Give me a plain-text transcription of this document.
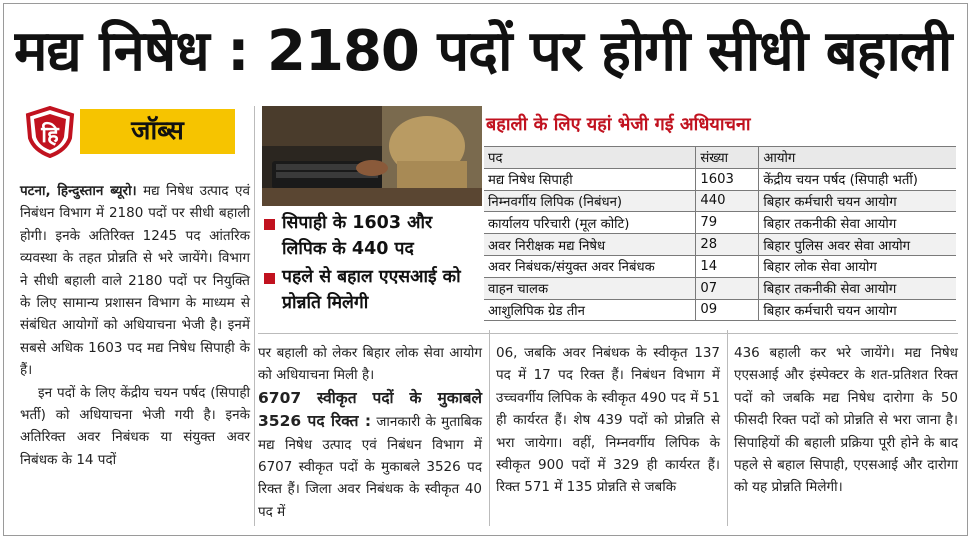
मद्य निषेध : 2180 पदों पर होगी सीधी बहाली
हि	जॉब्स
सिपाही के 1603 और लिपिक के 440 पद
पहले से बहाल एएसआई को प्रोन्नति मिलेगी
बहाली के लिए यहां भेजी गई अधियाचना
पद	संख्या	आयोग
मद्य निषेध सिपाही	1603	केंद्रीय चयन पर्षद (सिपाही भर्ती)
निम्नवर्गीय लिपिक (निबंधन)	440	बिहार कर्मचारी चयन आयोग
कार्यालय परिचारी (मूल कोटि)	79	बिहार तकनीकी सेवा आयोग
अवर निरीक्षक मद्य निषेध	28	बिहार पुलिस अवर सेवा आयोग
अवर निबंधक/संयुक्त अवर निबंधक	14	बिहार लोक सेवा आयोग
वाहन चालक	07	बिहार तकनीकी सेवा आयोग
आशुलिपिक ग्रेड तीन	09	बिहार कर्मचारी चयन आयोग

पटना, हिन्दुस्तान ब्यूरो। मद्य निषेध उत्पाद एवं निबंधन विभाग में 2180 पदों पर सीधी बहाली होगी। इनके अतिरिक्त 1245 पद आंतरिक व्यवस्था के तहत प्रोन्नति से भरे जायेंगे। विभाग ने सीधी बहाली वाले 2180 पदों पर नियुक्ति के लिए सामान्य प्रशासन विभाग के माध्यम से संबंधित आयोगों को अधियाचना भेजी है। इनमें सबसे अधिक 1603 पद मद्य निषेध सिपाही के हैं।

इन पदों के लिए केंद्रीय चयन पर्षद (सिपाही भर्ती) को अधियाचना भेजी गयी है। इनके अतिरिक्त अवर निबंधक या संयुक्त अवर निबंधक के 14 पदों

पर बहाली को लेकर बिहार लोक सेवा आयोग को अधियाचना मिली है।

6707 स्वीकृत पदों के मुकाबले 3526 पद रिक्त : जानकारी के मुताबिक मद्य निषेध उत्पाद एवं निबंधन विभाग में 6707 स्वीकृत पदों के मुकाबले 3526 पद रिक्त हैं। जिला अवर निबंधक के स्वीकृत 40 पद में

06, जबकि अवर निबंधक के स्वीकृत 137 पद में 17 पद रिक्त हैं। निबंधन विभाग में उच्चवर्गीय लिपिक के स्वीकृत 490 पद में 51 ही कार्यरत हैं। शेष 439 पदों को प्रोन्नति से भरा जायेगा। वहीं, निम्नवर्गीय लिपिक के स्वीकृत 900 पदों में 329 ही कार्यरत हैं। रिक्त 571 में 135 प्रोन्नति से जबकि

436 बहाली कर भरे जायेंगे। मद्य निषेध एएसआई और इंस्पेक्टर के शत-प्रतिशत रिक्त पदों को जबकि मद्य निषेध दारोगा के 50 फीसदी रिक्त पदों को प्रोन्नति से भरा जाना है। सिपाहियों की बहाली प्रक्रिया पूरी होने के बाद पहले से बहाल सिपाही, एएसआई और दारोगा को यह प्रोन्नति मिलेगी।
